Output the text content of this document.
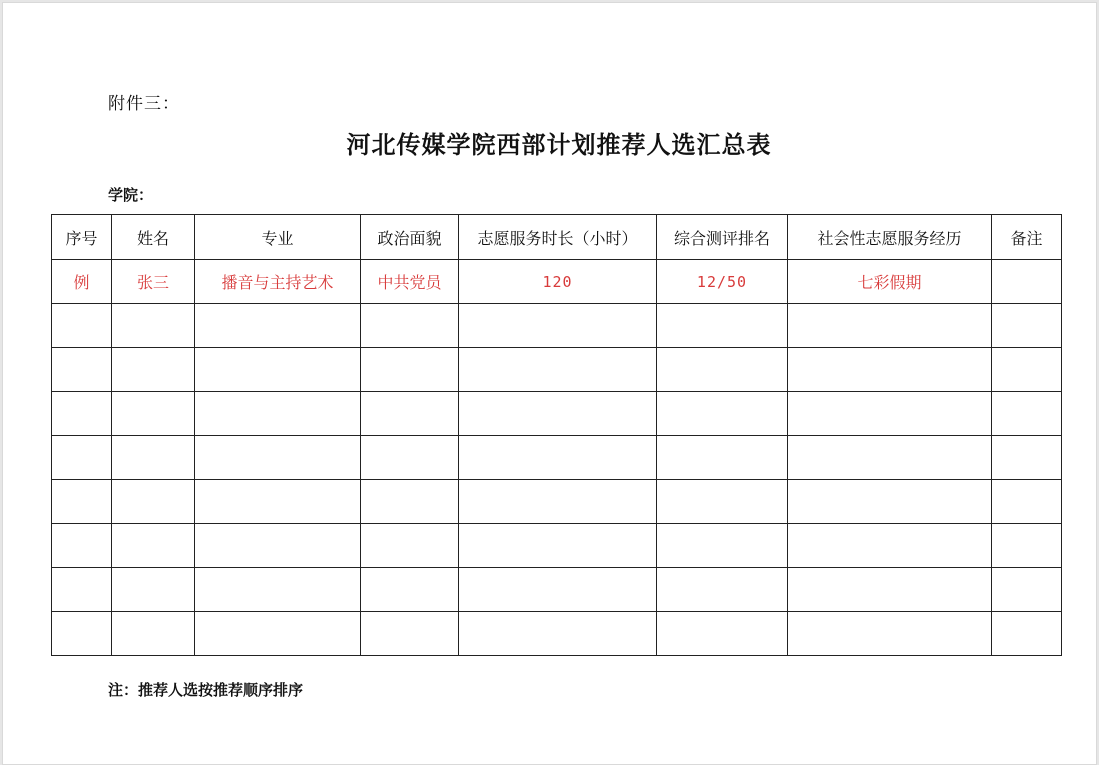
附件三：
河北传媒学院西部计划推荐人选汇总表
学院：
序号	姓名	专业	政治面貌	志愿服务时长（小时）	综合测评排名	社会性志愿服务经历	备注
例	张三	播音与主持艺术	中共党员	120	12/50	七彩假期	

注：推荐人选按推荐顺序排序
